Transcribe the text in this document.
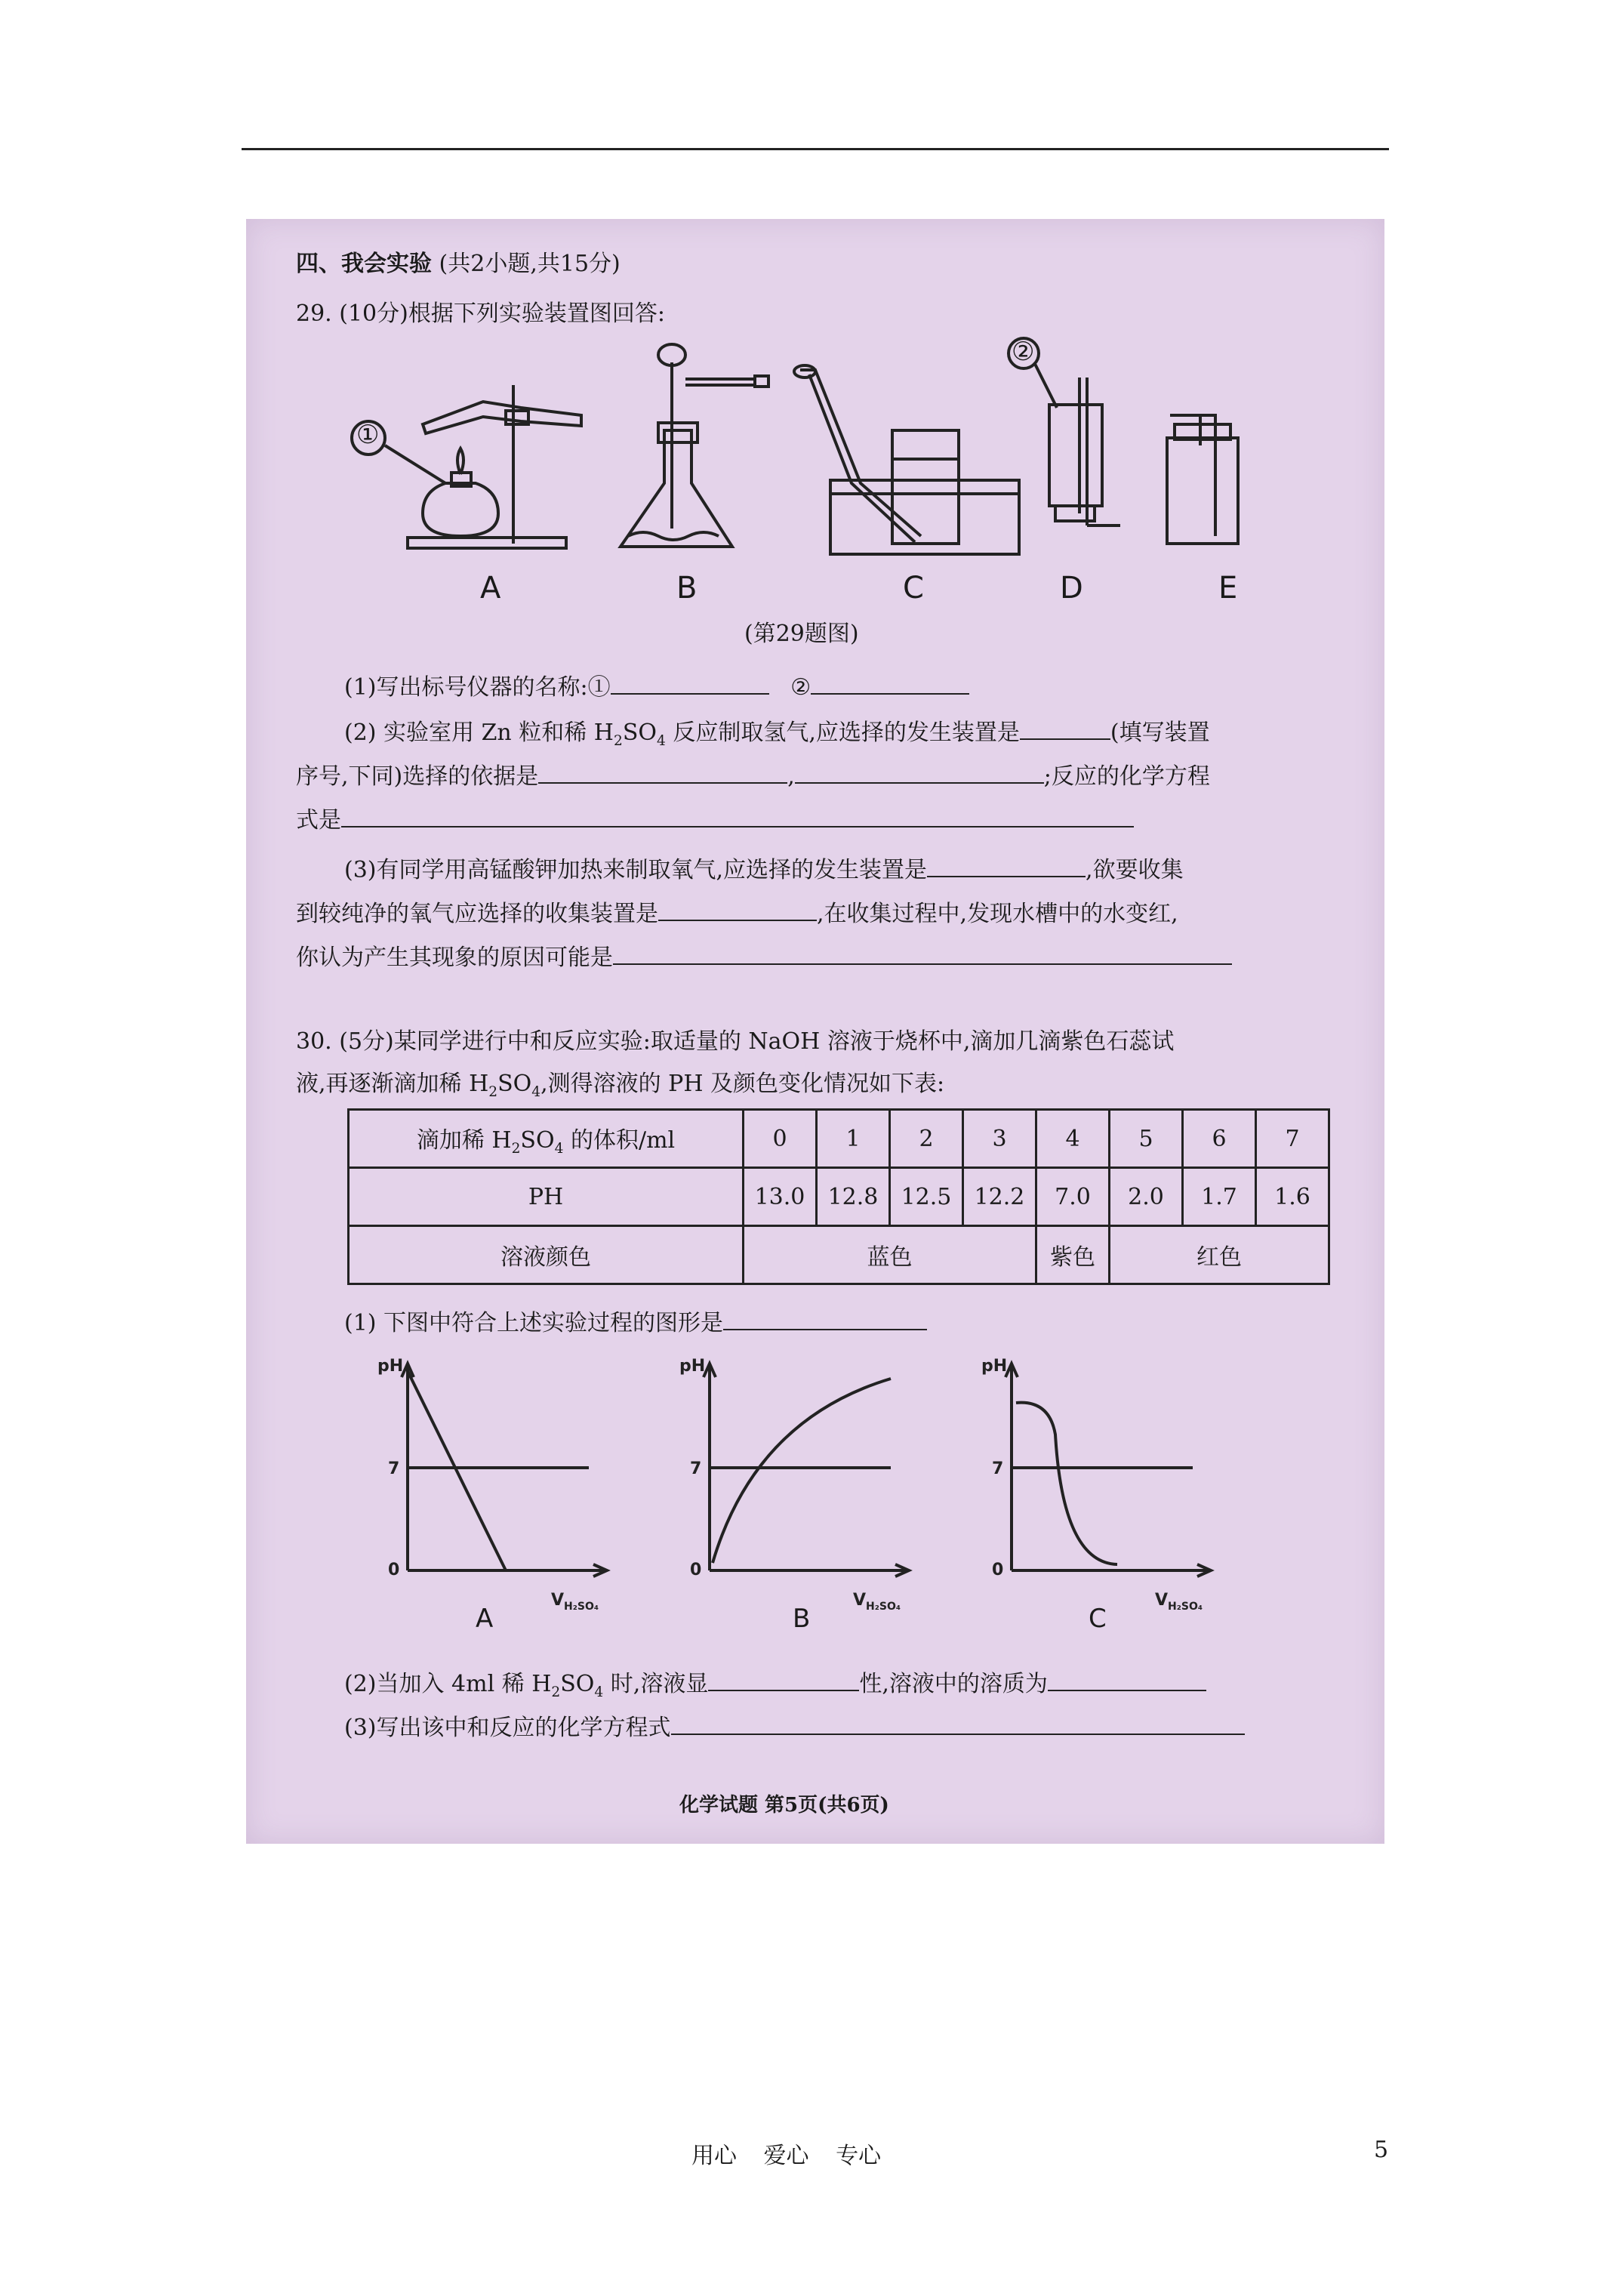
四、我会实验 (共2小题,共15分)
29. (10分)根据下列实验装置图回答:
①
②
A	B	C	D	E
(第29题图)
(1)写出标号仪器的名称:①	②
(2) 实验室用 Zn 粒和稀 $H_2SO_4$ 反应制取氢气,应选择的发生装置是	(填写装置
序号,下同)选择的依据是	,	;反应的化学方程
式是
(3)有同学用高锰酸钾加热来制取氧气,应选择的发生装置是	,欲要收集
到较纯净的氧气应选择的收集装置是	,在收集过程中,发现水槽中的水变红,
你认为产生其现象的原因可能是
30. (5分)某同学进行中和反应实验:取适量的 NaOH 溶液于烧杯中,滴加几滴紫色石蕊试
液,再逐渐滴加稀 $H_2SO_4$,测得溶液的 PH 及颜色变化情况如下表:
滴加稀 $H_2SO_4$ 的体积/ml	0	1	2	3	4	5	6	7
PH	13.0	12.8	12.5	12.2	7.0	2.0	1.7	1.6
溶液颜色	蓝色				紫色	红色		
(1) 下图中符合上述实验过程的图形是
pH
7
0
$V_{H_2SO_4}$
pH
7
0
$V_{H_2SO_4}$
pH
7
0
$V_{H_2SO_4}$
A	B	C
(2)当加入 4ml 稀 $H_2SO_4$ 时,溶液显	性,溶液中的溶质为
(3)写出该中和反应的化学方程式
化学试题 第5页(共6页)
用心 爱心 专心	5
